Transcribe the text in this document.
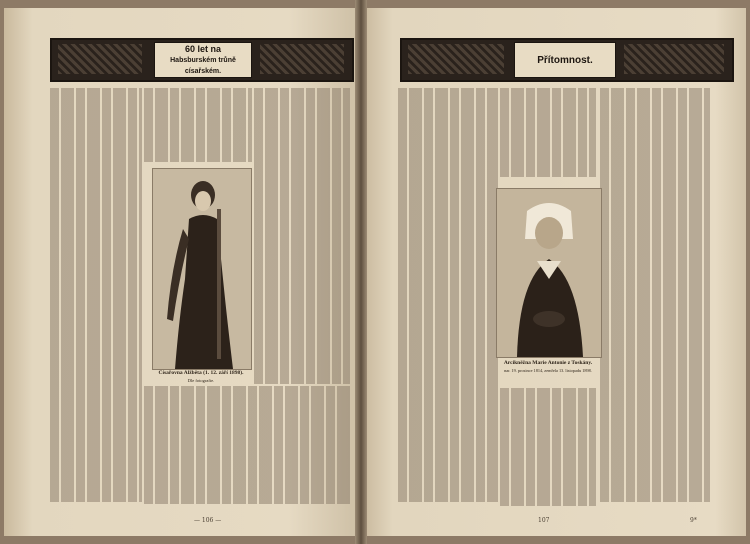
60 let na
Habsburském trůně císařském.
Císařovna Alžběta (1. 12. září 1898).
Dle fotografie.
— 106 —
Přítomnost.
Arcikněžna Marie Antonie z Toskány.
nar. 19. prosince 1814, zemřela 13. listopadu 1898.
107	9*
